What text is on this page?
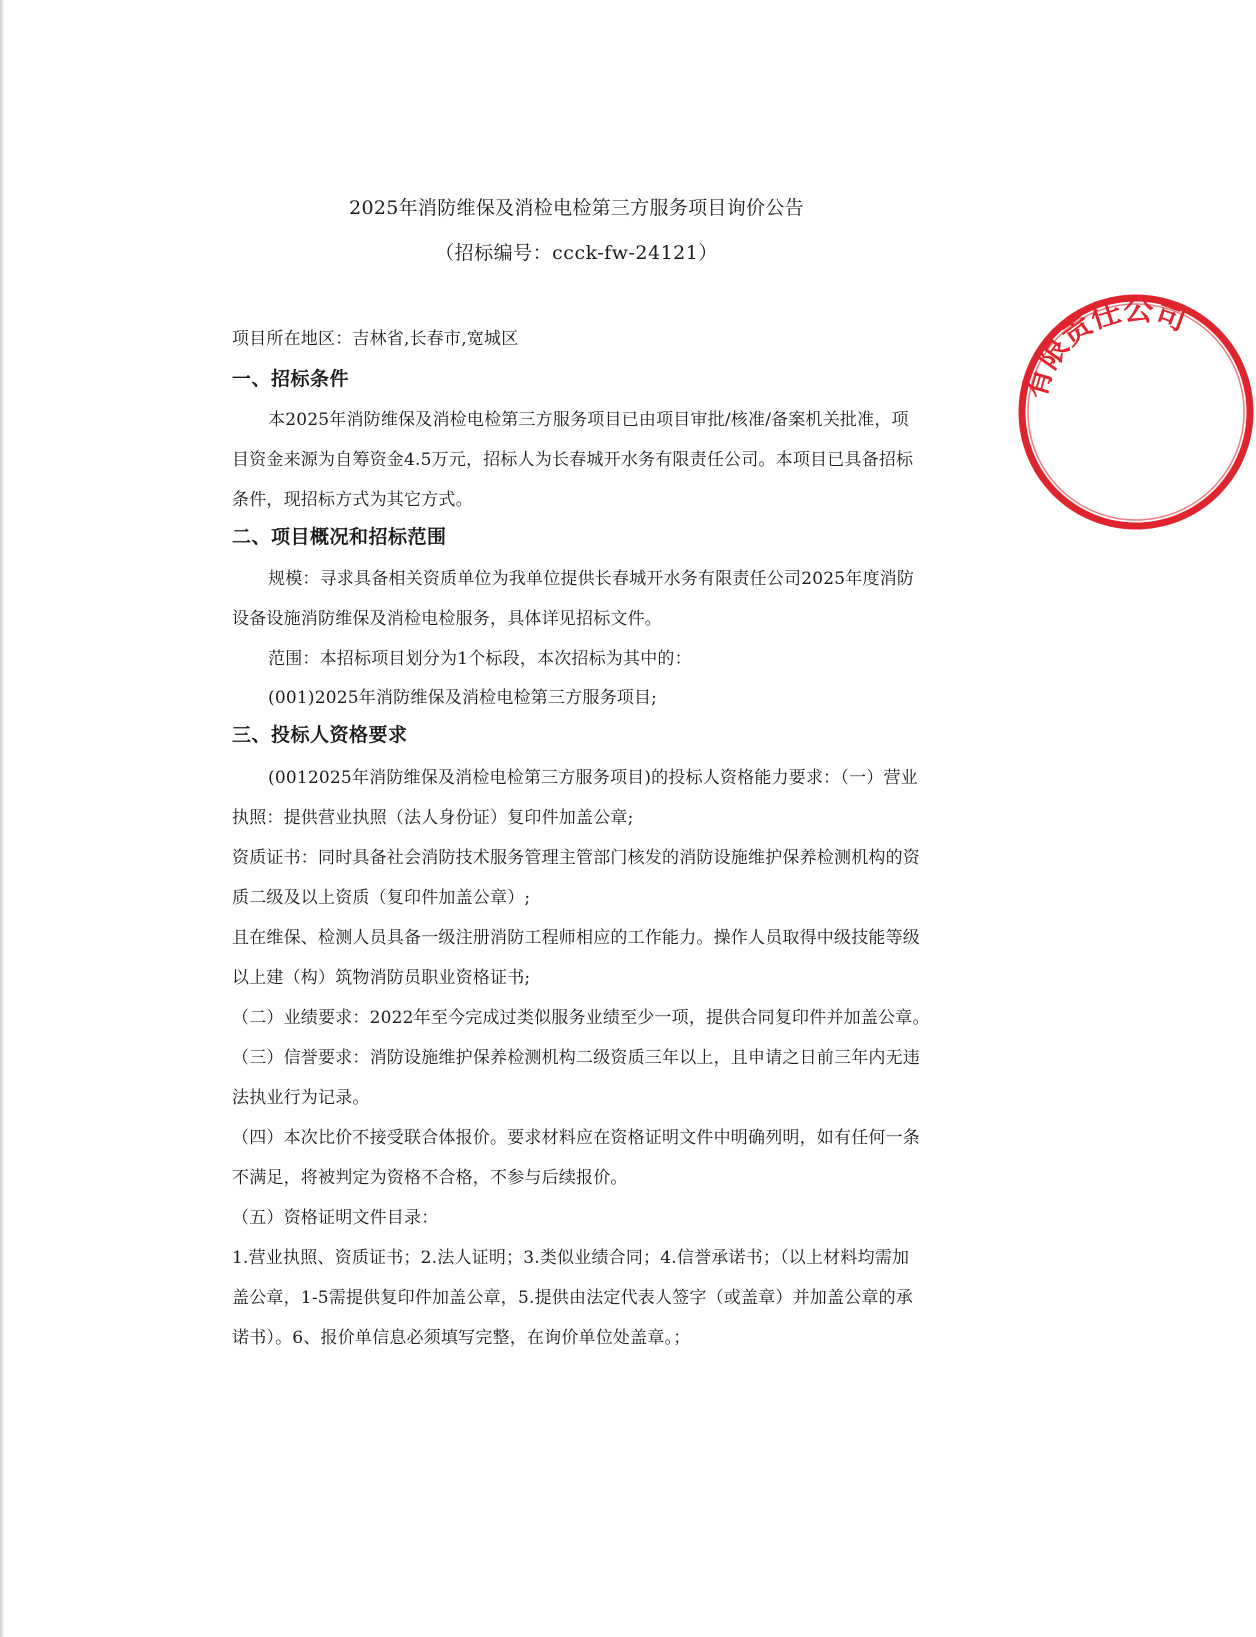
2025年消防维保及消检电检第三方服务项目询价公告
（招标编号：ccck-fw-24121）
项目所在地区：吉林省,长春市,宽城区
一、招标条件
本2025年消防维保及消检电检第三方服务项目已由项目审批/核准/备案机关批准，项
目资金来源为自筹资金4.5万元，招标人为长春城开水务有限责任公司。本项目已具备招标
条件，现招标方式为其它方式。
二、项目概况和招标范围
规模：寻求具备相关资质单位为我单位提供长春城开水务有限责任公司2025年度消防
设备设施消防维保及消检电检服务，具体详见招标文件。
范围：本招标项目划分为1个标段，本次招标为其中的：
(001)2025年消防维保及消检电检第三方服务项目;
三、投标人资格要求
(0012025年消防维保及消检电检第三方服务项目)的投标人资格能力要求：（一）营业
执照：提供营业执照（法人身份证）复印件加盖公章;
资质证书：同时具备社会消防技术服务管理主管部门核发的消防设施维护保养检测机构的资
质二级及以上资质（复印件加盖公章）;
且在维保、检测人员具备一级注册消防工程师相应的工作能力。操作人员取得中级技能等级
以上建（构）筑物消防员职业资格证书;
（二）业绩要求：2022年至今完成过类似服务业绩至少一项，提供合同复印件并加盖公章。
（三）信誉要求：消防设施维护保养检测机构二级资质三年以上，且申请之日前三年内无违
法执业行为记录。
（四）本次比价不接受联合体报价。要求材料应在资格证明文件中明确列明，如有任何一条
不满足，将被判定为资格不合格，不参与后续报价。
（五）资格证明文件目录：
1.营业执照、资质证书；2.法人证明；3.类似业绩合同；4.信誉承诺书；（以上材料均需加
盖公章，1-5需提供复印件加盖公章，5.提供由法定代表人签字（或盖章）并加盖公章的承
诺书）。6、报价单信息必须填写完整，在询价单位处盖章。；
有限责任公司
